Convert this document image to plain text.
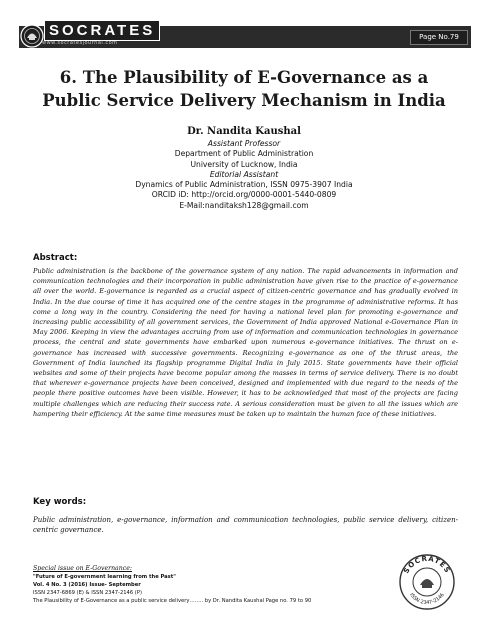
SOCRATES
www.socratesjournal.com
Page No.79
6. The Plausibility of E-Governance as a Public Service Delivery Mechanism in India
Dr. Nandita Kaushal
Assistant Professor
Department of Public Administration
University of Lucknow, India
Editorial Assistant
Dynamics of Public Administration, ISSN 0975-3907 India
ORCID iD: http://orcid.org/0000-0001-5440-0809
E-Mail:nanditaksh128@gmail.com
Abstract:
Public administration is the backbone of the governance system of any nation. The rapid advancements in information and communication technologies and their incorporation in public administration have given rise to the practice of e-governance all over the world. E-governance is regarded as a crucial aspect of citizen-centric governance and has gradually evolved in India. In the due course of time it has acquired one of the centre stages in the programme of administrative reforms. It has come a long way in the country. Considering the need for having a national level plan for promoting e-governance and increasing public accessibility of all government services, the Government of India approved National e-Governance Plan in May 2006. Keeping in view the advantages accruing from use of information and communication technologies in governance process, the central and state governments have embarked upon numerous e-governance initiatives. The thrust on e-governance has increased with successive governments. Recognizing e-governance as one of the thrust areas, the Government of India launched its flagship programme Digital India in July 2015. State governments have their official websites and some of their projects have become popular among the masses in terms of service delivery. There is no doubt that wherever e-governance projects have been conceived, designed and implemented with due regard to the needs of the people there positive outcomes have been visible. However, it has to be acknowledged that most of the projects are facing multiple challenges which are reducing their success rate. A serious consideration must be given to all the issues which are hampering their efficiency. At the same time measures must be taken up to maintain the human face of these initiatives.
Key words:
Public administration, e-governance, information and communication technologies, public service delivery, citizen-centric governance.
Special issue on E-Governance:
"Future of E-government learning from the Past"
Vol. 4 No. 3 (2016) Issue- September
ISSN 2347-6869 (E) & ISSN 2347-2146 (P)
The Plausibility of E-Governance as a public service delivery…….. by Dr. Nandita Kaushal Page no. 79 to 90
SOCRATES
ISSN 2347-2146
